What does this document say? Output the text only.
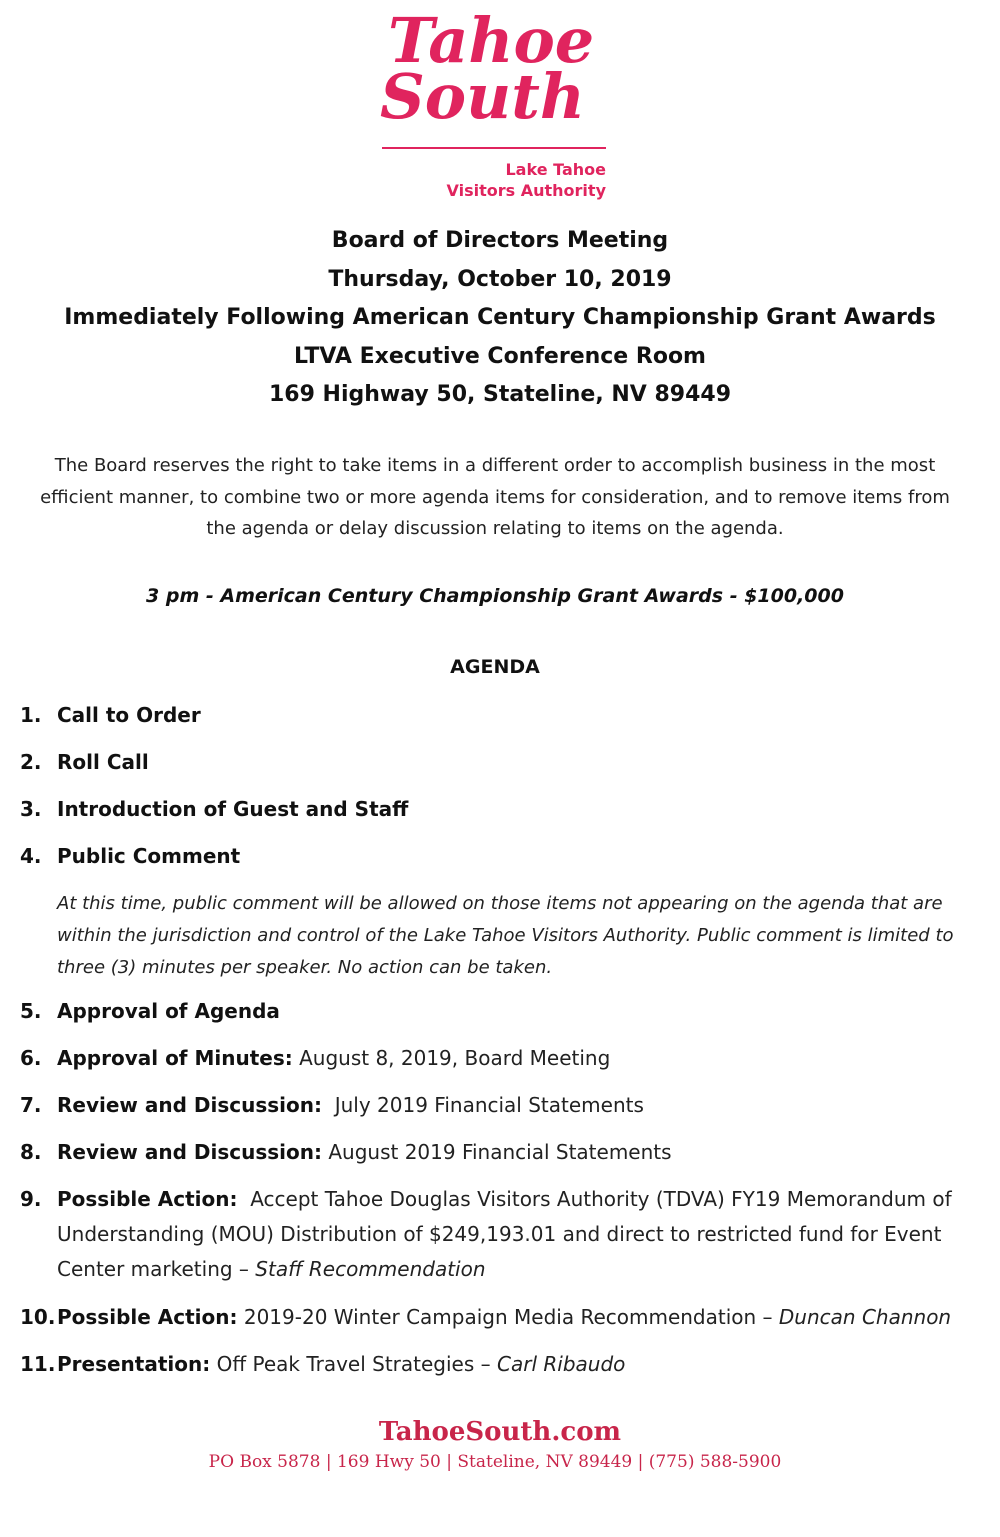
Tahoe
South
Lake Tahoe
Visitors Authority
Board of Directors Meeting
Thursday, October 10, 2019
Immediately Following American Century Championship Grant Awards
LTVA Executive Conference Room
169 Highway 50, Stateline, NV 89449
The Board reserves the right to take items in a different order to accomplish business in the most efficient manner, to combine two or more agenda items for consideration, and to remove items from the agenda or delay discussion relating to items on the agenda.
3 pm - American Century Championship Grant Awards - $100,000
AGENDA
1. Call to Order
2. Roll Call
3. Introduction of Guest and Staff
4. Public Comment
At this time, public comment will be allowed on those items not appearing on the agenda that are within the jurisdiction and control of the Lake Tahoe Visitors Authority. Public comment is limited to three (3) minutes per speaker. No action can be taken.
5. Approval of Agenda
6. Approval of Minutes: August 8, 2019, Board Meeting
7. Review and Discussion: July 2019 Financial Statements
8. Review and Discussion: August 2019 Financial Statements
9. Possible Action: Accept Tahoe Douglas Visitors Authority (TDVA) FY19 Memorandum of Understanding (MOU) Distribution of $249,193.01 and direct to restricted fund for Event Center marketing – Staff Recommendation
10. Possible Action: 2019-20 Winter Campaign Media Recommendation – Duncan Channon
11. Presentation: Off Peak Travel Strategies – Carl Ribaudo
TahoeSouth.com
PO Box 5878 | 169 Hwy 50 | Stateline, NV 89449 | (775) 588-5900
